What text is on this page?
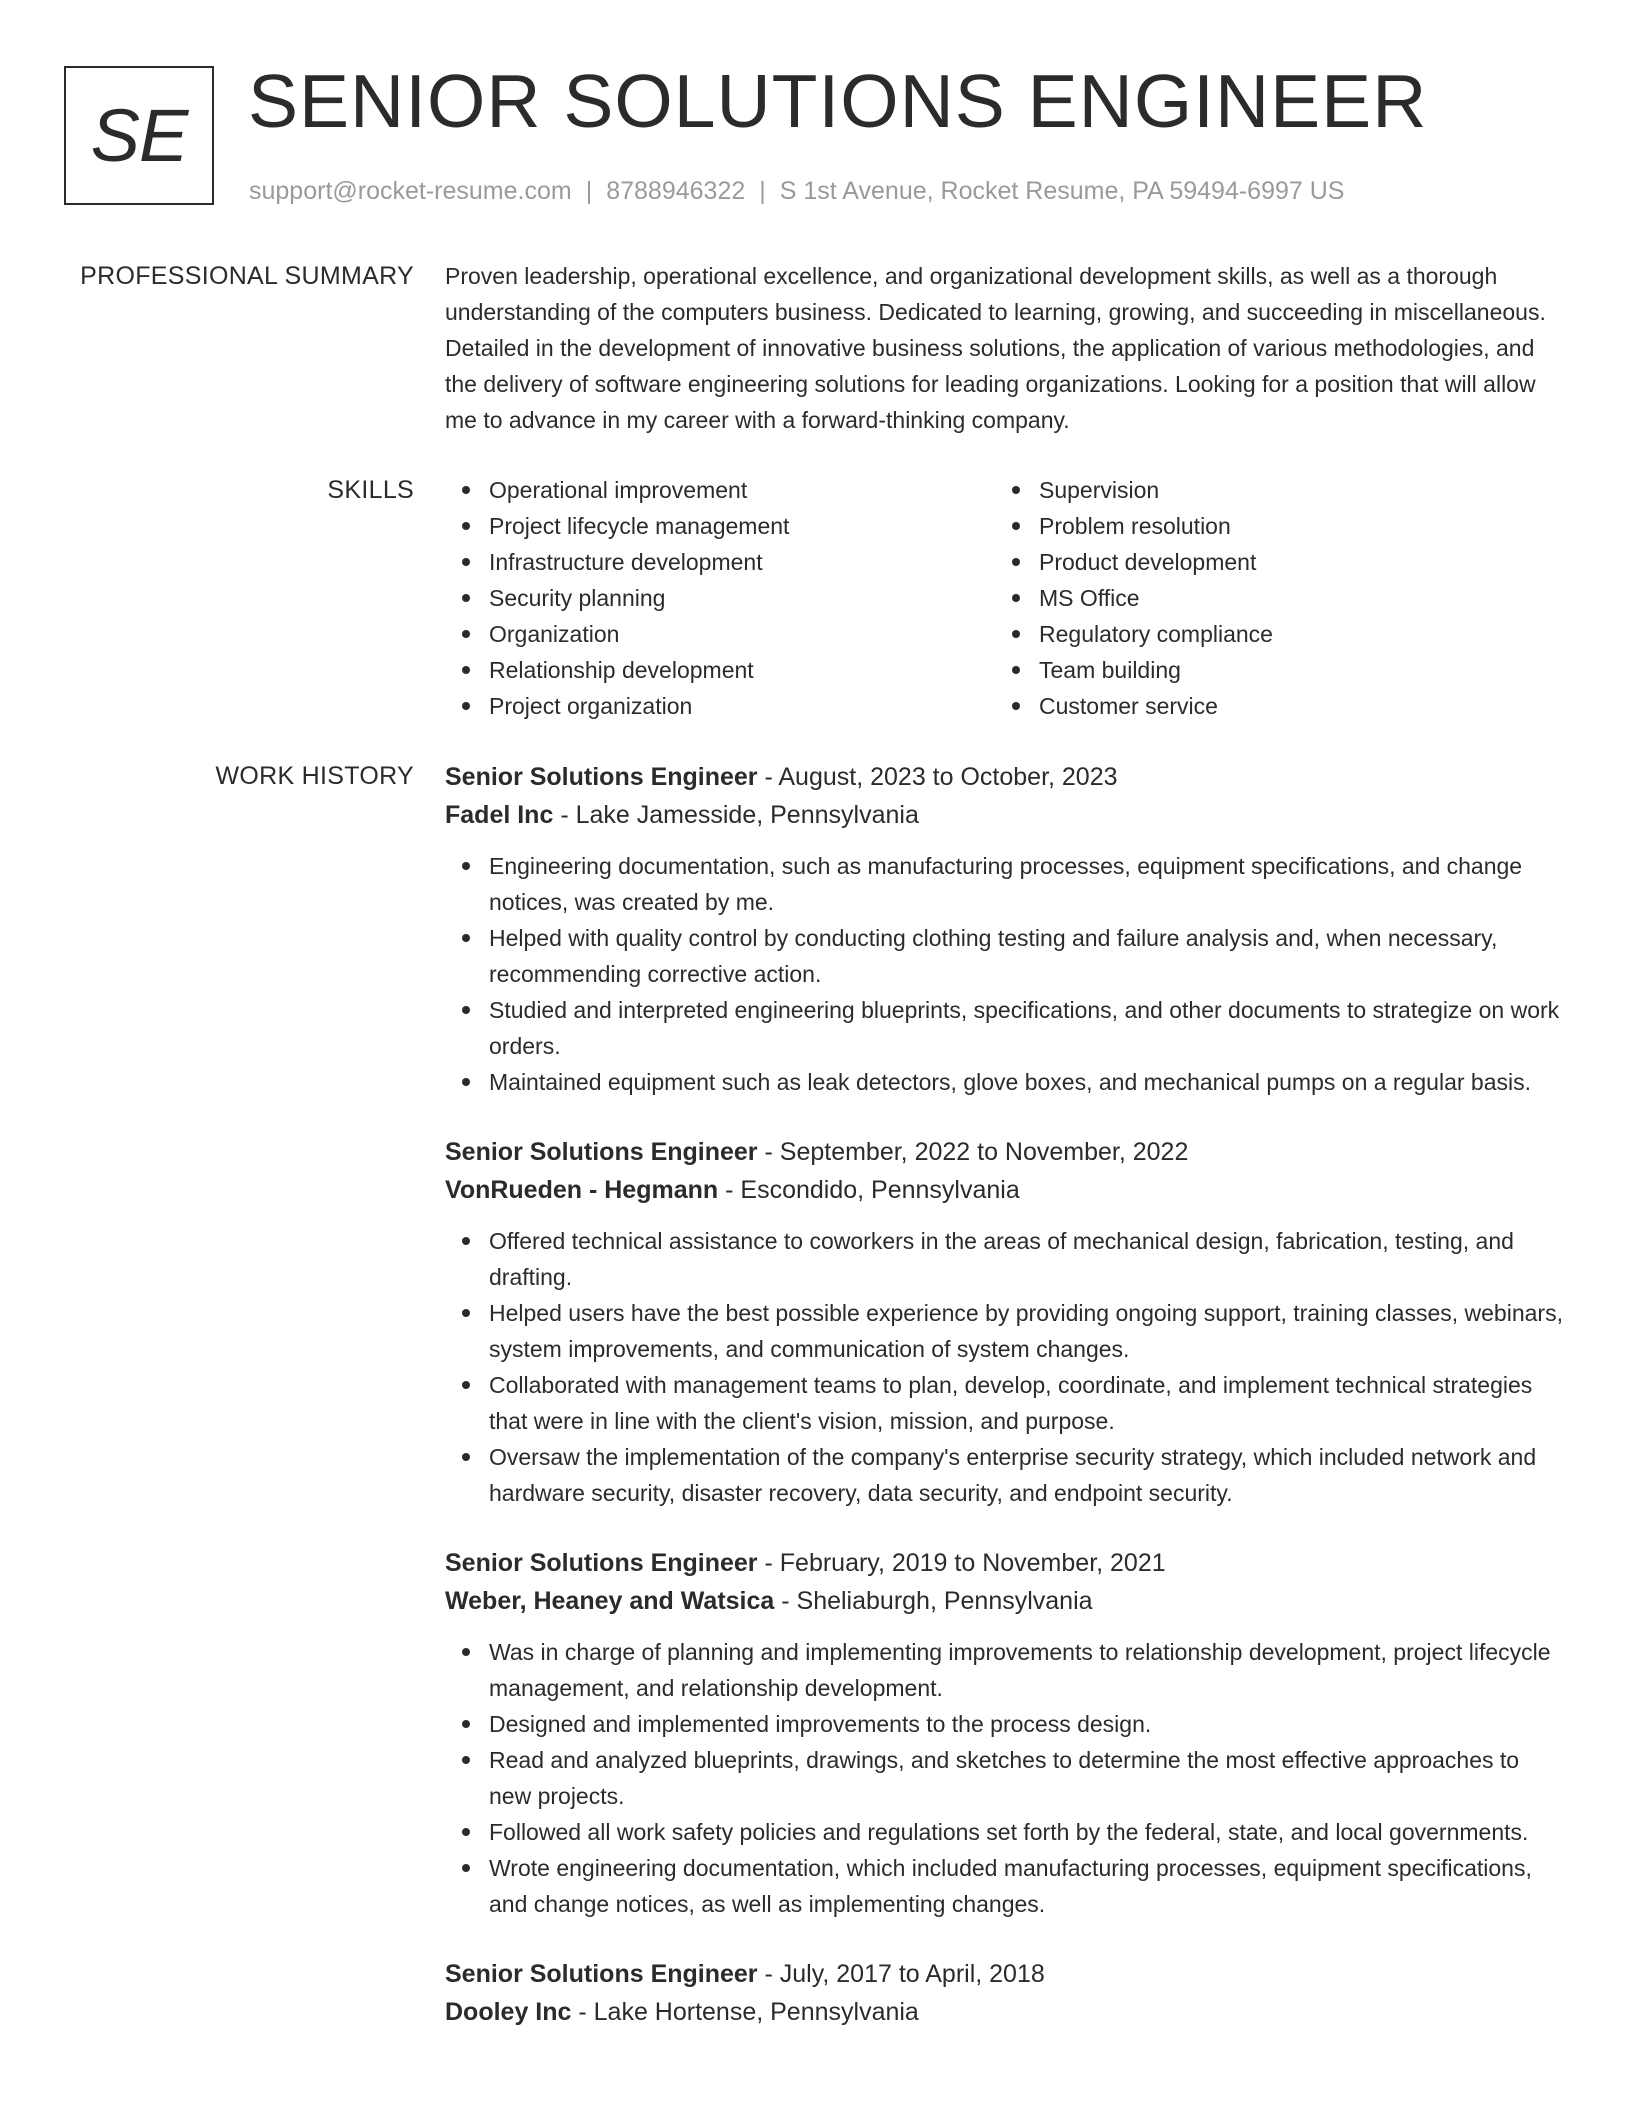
SE SENIOR SOLUTIONS ENGINEER
support@rocket-resume.com | 8788946322 | S 1st Avenue, Rocket Resume, PA 59494-6997 US
PROFESSIONAL SUMMARY Proven leadership, operational excellence, and organizational development skills, as well as a thorough understanding of the computers business. Dedicated to learning, growing, and succeeding in miscellaneous. Detailed in the development of innovative business solutions, the application of various methodologies, and the delivery of software engineering solutions for leading organizations. Looking for a position that will allow me to advance in my career with a forward-thinking company.

SKILLS	Operational improvement
Project lifecycle management
Infrastructure development
Security planning
Organization
Relationship development
Project organization
Supervision
Problem resolution
Product development
MS Office
Regulatory compliance
Team building
Customer service
WORK HISTORY Senior Solutions Engineer - August, 2023 to October, 2023
Fadel Inc - Lake Jamesside, Pennsylvania
Engineering documentation, such as manufacturing processes, equipment specifications, and change notices, was created by me.
Helped with quality control by conducting clothing testing and failure analysis and, when necessary, recommending corrective action.
Studied and interpreted engineering blueprints, specifications, and other documents to strategize on work orders.
Maintained equipment such as leak detectors, glove boxes, and mechanical pumps on a regular basis.
Senior Solutions Engineer - September, 2022 to November, 2022
VonRueden - Hegmann - Escondido, Pennsylvania
Offered technical assistance to coworkers in the areas of mechanical design, fabrication, testing, and drafting.
Helped users have the best possible experience by providing ongoing support, training classes, webinars, system improvements, and communication of system changes.
Collaborated with management teams to plan, develop, coordinate, and implement technical strategies that were in line with the client's vision, mission, and purpose.
Oversaw the implementation of the company's enterprise security strategy, which included network and hardware security, disaster recovery, data security, and endpoint security.
Senior Solutions Engineer - February, 2019 to November, 2021
Weber, Heaney and Watsica - Sheliaburgh, Pennsylvania
Was in charge of planning and implementing improvements to relationship development, project lifecycle management, and relationship development.
Designed and implemented improvements to the process design.
Read and analyzed blueprints, drawings, and sketches to determine the most effective approaches to new projects.
Followed all work safety policies and regulations set forth by the federal, state, and local governments.
Wrote engineering documentation, which included manufacturing processes, equipment specifications, and change notices, as well as implementing changes.
Senior Solutions Engineer - July, 2017 to April, 2018
Dooley Inc - Lake Hortense, Pennsylvania
